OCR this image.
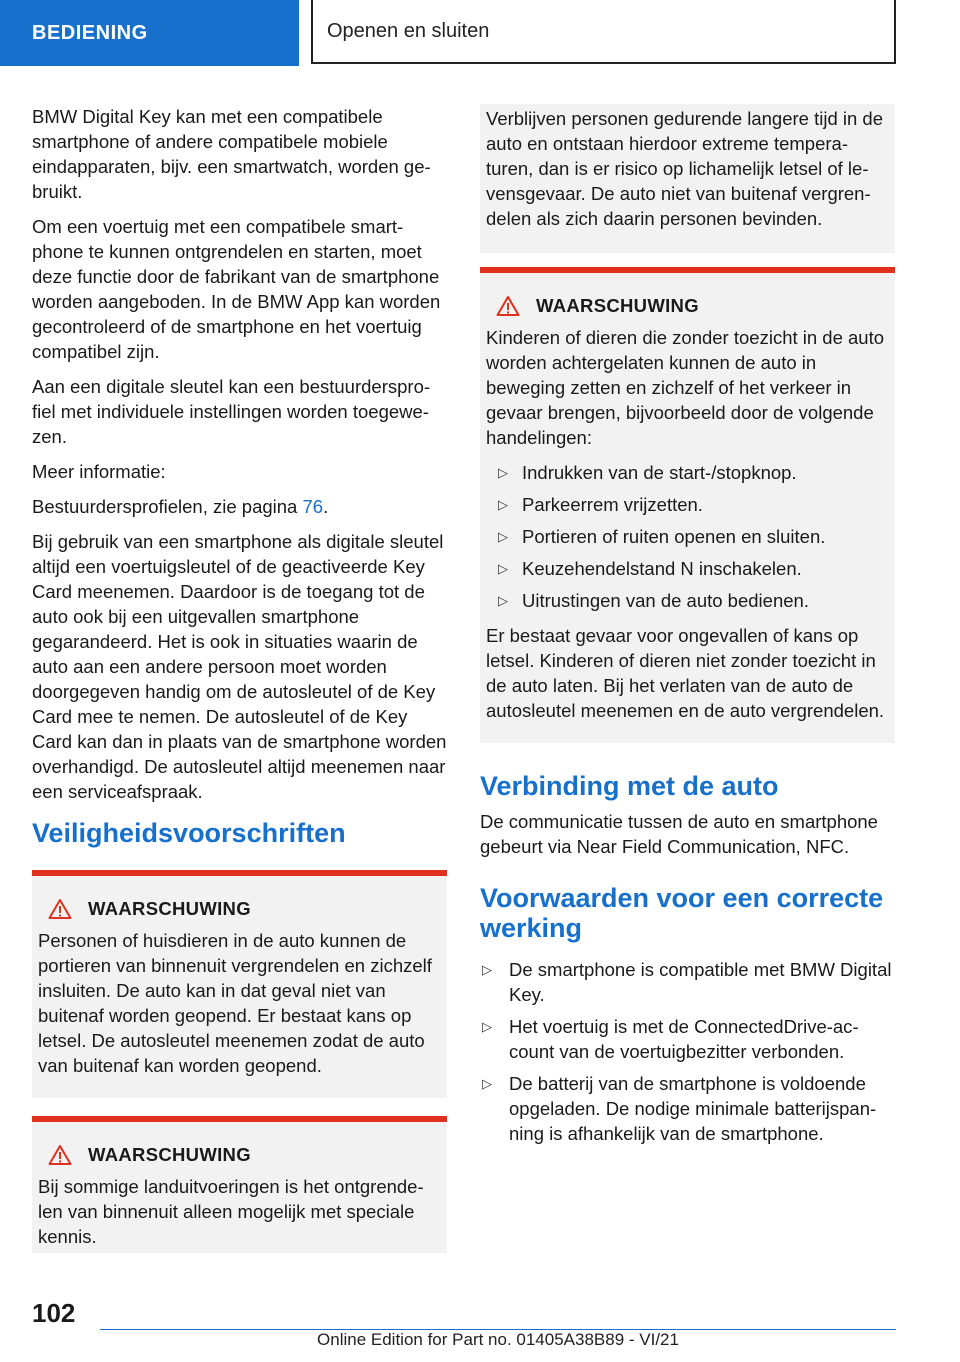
BEDIENING	Openen en sluiten

BMW Digital Key kan met een compatibele smartphone of andere compatibele mobiele eindapparaten, bijv. een smartwatch, worden gebruikt.

Om een voertuig met een compatibele smartphone te kunnen ontgrendelen en starten, moet deze functie door de fabrikant van de smartphone worden aangeboden. In de BMW App kan worden gecontroleerd of de smartphone en het voertuig compatibel zijn.

Aan een digitale sleutel kan een bestuurdersprofiel met individuele instellingen worden toegewezen.

Meer informatie:

Bestuurdersprofielen, zie pagina 76.

Bij gebruik van een smartphone als digitale sleutel altijd een voertuigsleutel of de geactiveerde Key Card meenemen. Daardoor is de toegang tot de auto ook bij een uitgevallen smartphone gegarandeerd. Het is ook in situaties waarin de auto aan een andere persoon moet worden doorgegeven handig om de autosleutel of de Key Card mee te nemen. De autosleutel of de Key Card kan dan in plaats van de smartphone worden overhandigd. De autosleutel altijd meenemen naar een serviceafspraak.

Veiligheidsvoorschriften
WAARSCHUWING

Personen of huisdieren in de auto kunnen de portieren van binnenuit vergrendelen en zichzelf insluiten. De auto kan in dat geval niet van buitenaf worden geopend. Er bestaat kans op letsel. De autosleutel meenemen zodat de auto van buitenaf kan worden geopend.

WAARSCHUWING

Bij sommige landuitvoeringen is het ontgrendelen van binnenuit alleen mogelijk met speciale kennis.

Verblijven personen gedurende langere tijd in de auto en ontstaan hierdoor extreme temperaturen, dan is er risico op lichamelijk letsel of levensgevaar. De auto niet van buitenaf vergrendelen als zich daarin personen bevinden.

WAARSCHUWING

Kinderen of dieren die zonder toezicht in de auto worden achtergelaten kunnen de auto in beweging zetten en zichzelf of het verkeer in gevaar brengen, bijvoorbeeld door de volgende handelingen:

▷ Indrukken van de start-/stopknop.
▷ Parkeerrem vrijzetten.
▷ Portieren of ruiten openen en sluiten.
▷ Keuzehendelstand N inschakelen.
▷ Uitrustingen van de auto bedienen.

Er bestaat gevaar voor ongevallen of kans op letsel. Kinderen of dieren niet zonder toezicht in de auto laten. Bij het verlaten van de auto de autosleutel meenemen en de auto vergrendelen.

Verbinding met de auto

De communicatie tussen de auto en smartphone gebeurt via Near Field Communication, NFC.

Voorwaarden voor een correcte werking
▷ De smartphone is compatible met BMW Digital Key.
▷ Het voertuig is met de ConnectedDrive-account van de voertuigbezitter verbonden.
▷ De batterij van de smartphone is voldoende opgeladen. De nodige minimale batterijspanning is afhankelijk van de smartphone.
102
Online Edition for Part no. 01405A38B89 - VI/21
